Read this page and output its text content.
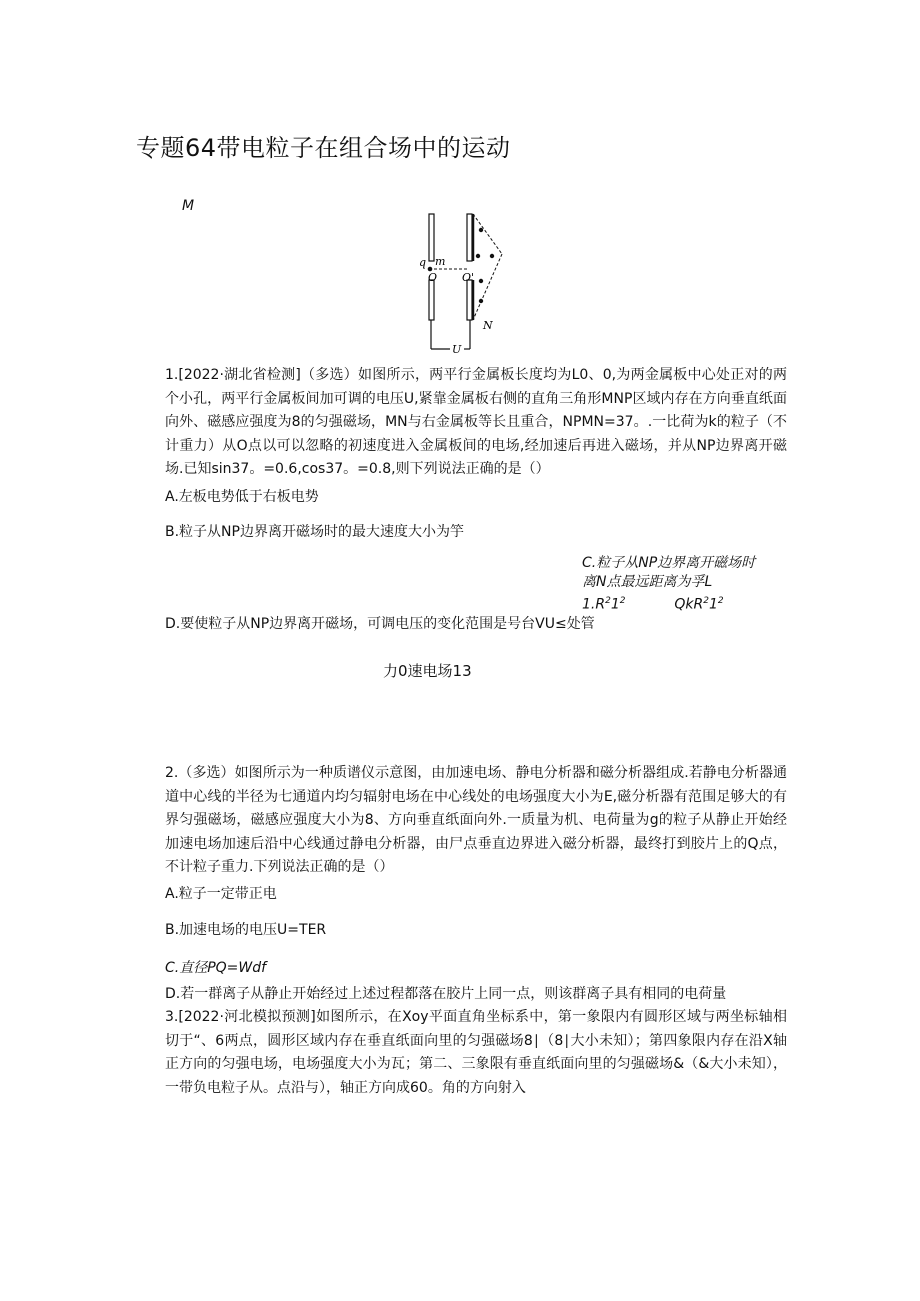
专题64带电粒子在组合场中的运动
M
q m
O O'
N
U
1.[2022·湖北省检测]（多选）如图所示，两平行金属板长度均为L0、0,为两金属板中心处正对的两个小孔，两平行金属板间加可调的电压U,紧靠金属板右侧的直角三角形MNP区域内存在方向垂直纸面向外、磁感应强度为8的匀强磁场，MN与右金属板等长且重合，NPMN=37。.一比荷为k的粒子（不计重力）从O点以可以忽略的初速度进入金属板间的电场,经加速后再进入磁场，并从NP边界离开磁场.已知sin37。=0.6,cos37。=0.8,则下列说法正确的是（）
A.左板电势低于右板电势
B.粒子从NP边界离开磁场时的最大速度大小为竽
C.粒子从NP边界离开磁场时
离N点最远距离为孚L
$1.R^21^2$	$QkR^21^2$
D.要使粒子从NP边界离开磁场，可调电压的变化范围是号台VU≤处管
力0速电场13
2.（多选）如图所示为一种质谱仪示意图，由加速电场、静电分析器和磁分析器组成.若静电分析器通道中心线的半径为七通道内均匀辐射电场在中心线处的电场强度大小为E,磁分析器有范围足够大的有界匀强磁场，磁感应强度大小为8、方向垂直纸面向外.一质量为机、电荷量为g的粒子从静止开始经加速电场加速后沿中心线通过静电分析器，由尸点垂直边界进入磁分析器，最终打到胶片上的Q点，不计粒子重力.下列说法正确的是（）
A.粒子一定带正电
B.加速电场的电压U=TER
C.直径PQ=Wdf
D.若一群离子从静止开始经过上述过程都落在胶片上同一点，则该群离子具有相同的电荷量
3.[2022·河北模拟预测]如图所示，在Xoy平面直角坐标系中，第一象限内有圆形区域与两坐标轴相切于“、6两点，圆形区域内存在垂直纸面向里的匀强磁场8∣（8∣大小未知）；第四象限内存在沿X轴正方向的匀强电场，电场强度大小为瓦；第二、三象限有垂直纸面向里的匀强磁场&（&大小未知），一带负电粒子从。点沿与），轴正方向成60。角的方向射入
